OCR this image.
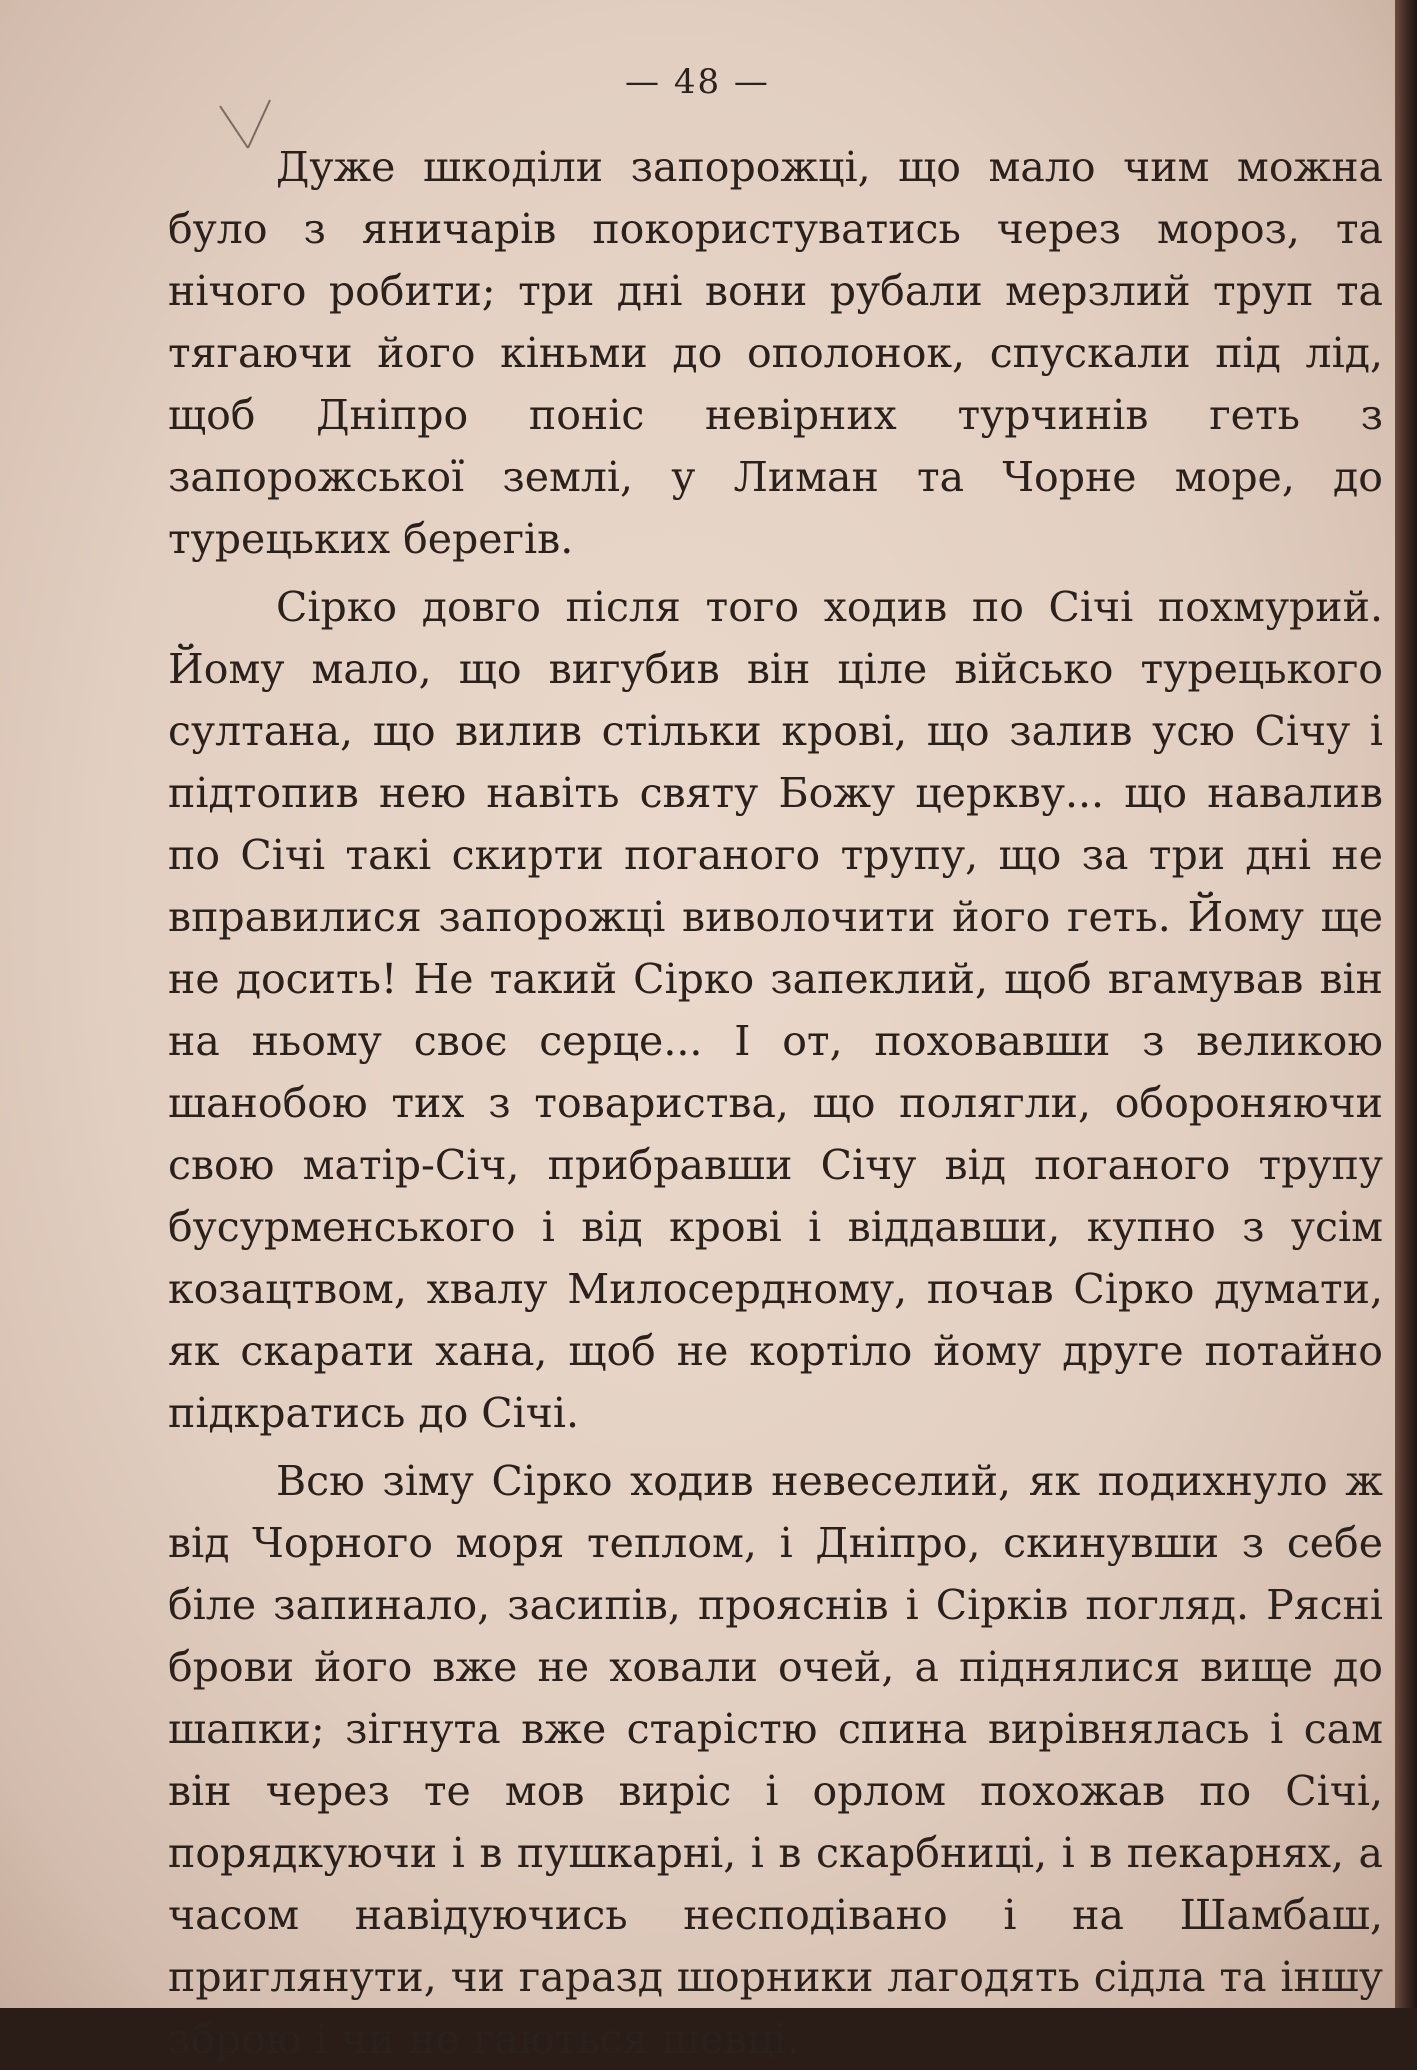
— 48 —

Дуже шкоділи запорожці, що мало чим можна було з яничарів покористуватись через мороз, та нічого робити; три дні вони рубали мерзлий труп та тягаючи його кіньми до ополонок, спускали під лід, щоб Дніпро поніс невірних турчинів геть з запорожської землі, у Лиман та Чорне море, до турецьких берегів.

Сірко довго після того ходив по Січі похмурий. Йому мало, що вигубив він ціле військо турецького султана, що вилив стільки крові, що залив усю Січу і підтопив нею навіть святу Божу церкву... що навалив по Січі такі скирти поганого трупу, що за три дні не вправилися запорожці виволочити його геть. Йому ще не досить! Не такий Сірко запеклий, щоб вгамував він на ньому своє серце... І от, поховавши з великою шанобою тих з товариства, що полягли, обороняючи свою матір-Січ, прибравши Січу від поганого трупу бусурменського і від крові і віддавши, купно з усім козацтвом, хвалу Милосердному, почав Сірко думати, як скарати хана, щоб не кортіло йому друге потайно підкратись до Січі.

Всю зіму Сірко ходив невеселий, як подихнуло ж від Чорного моря теплом, і Дніпро, скинувши з себе біле запинало, засипів, прояснів і Сірків погляд. Рясні брови його вже не ховали очей, а піднялися вище до шапки; зігнута вже старістю спина вирівнялась і сам він через те мов виріс і орлом похожав по Січі, порядкуючи і в пушкарні, і в скарбниці, і в пекарнях, а часом навідуючись несподівано і на Шамбаш, приглянути, чи гаразд шорники лагодять сідла та іншу зброю і чи не гаються шевці.
